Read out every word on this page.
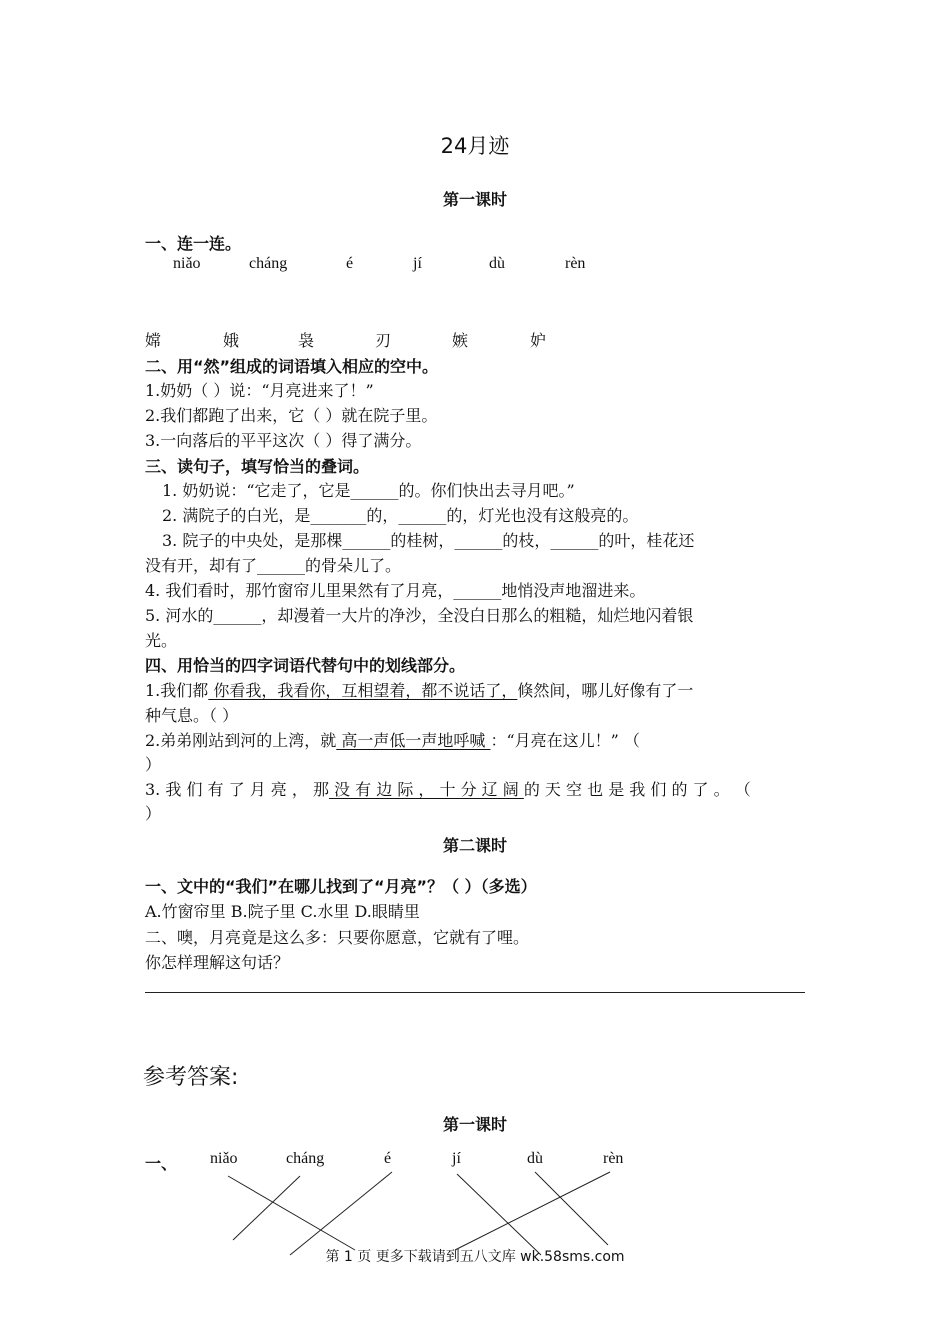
24月迹
第一课时
一、连一连。
niǎo	cháng	é	jí	dù	rèn
嫦	娥	袅	刃	嫉	妒
二、用“然”组成的词语填入相应的空中。
1.奶奶（ ）说：“月亮进来了！”
2.我们都跑了出来，它（ ）就在院子里。
3.一向落后的平平这次（ ）得了满分。
三、读句子，填写恰当的叠词。
1. 奶奶说：“它走了，它是______的。你们快出去寻月吧。”
2. 满院子的白光，是_______的，______的，灯光也没有这般亮的。
3. 院子的中央处，是那棵______的桂树，______的枝，______的叶，桂花还
没有开，却有了______的骨朵儿了。
4. 我们看时，那竹窗帘儿里果然有了月亮，______地悄没声地溜进来。
5. 河水的______，却漫着一大片的净沙，全没白日那么的粗糙，灿烂地闪着银
光。
四、用恰当的四字词语代替句中的划线部分。
1.我们都 你看我，我看你，互相望着，都不说话了，倏然间，哪儿好像有了一
种气息。（ ）
2.弟弟刚站到河的上湾，就 高一声低一声地呼喊 ：“月亮在这儿！” （
）
3. 我 们 有 了 月 亮 ， 那 没 有 边 际 ， 十 分 辽 阔 的 天 空 也 是 我 们 的 了 。 （
）
第二课时
一、文中的“我们”在哪儿找到了“月亮”？（ ）（多选）
A.竹窗帘里 B.院子里 C.水里 D.眼睛里
二、噢，月亮竟是这么多：只要你愿意，它就有了哩。
你怎样理解这句话？
参考答案:
第一课时
一、 niǎo	cháng	é	jí	dù	rèn
第 1 页 更多下载请到五八文库 wk.58sms.com
